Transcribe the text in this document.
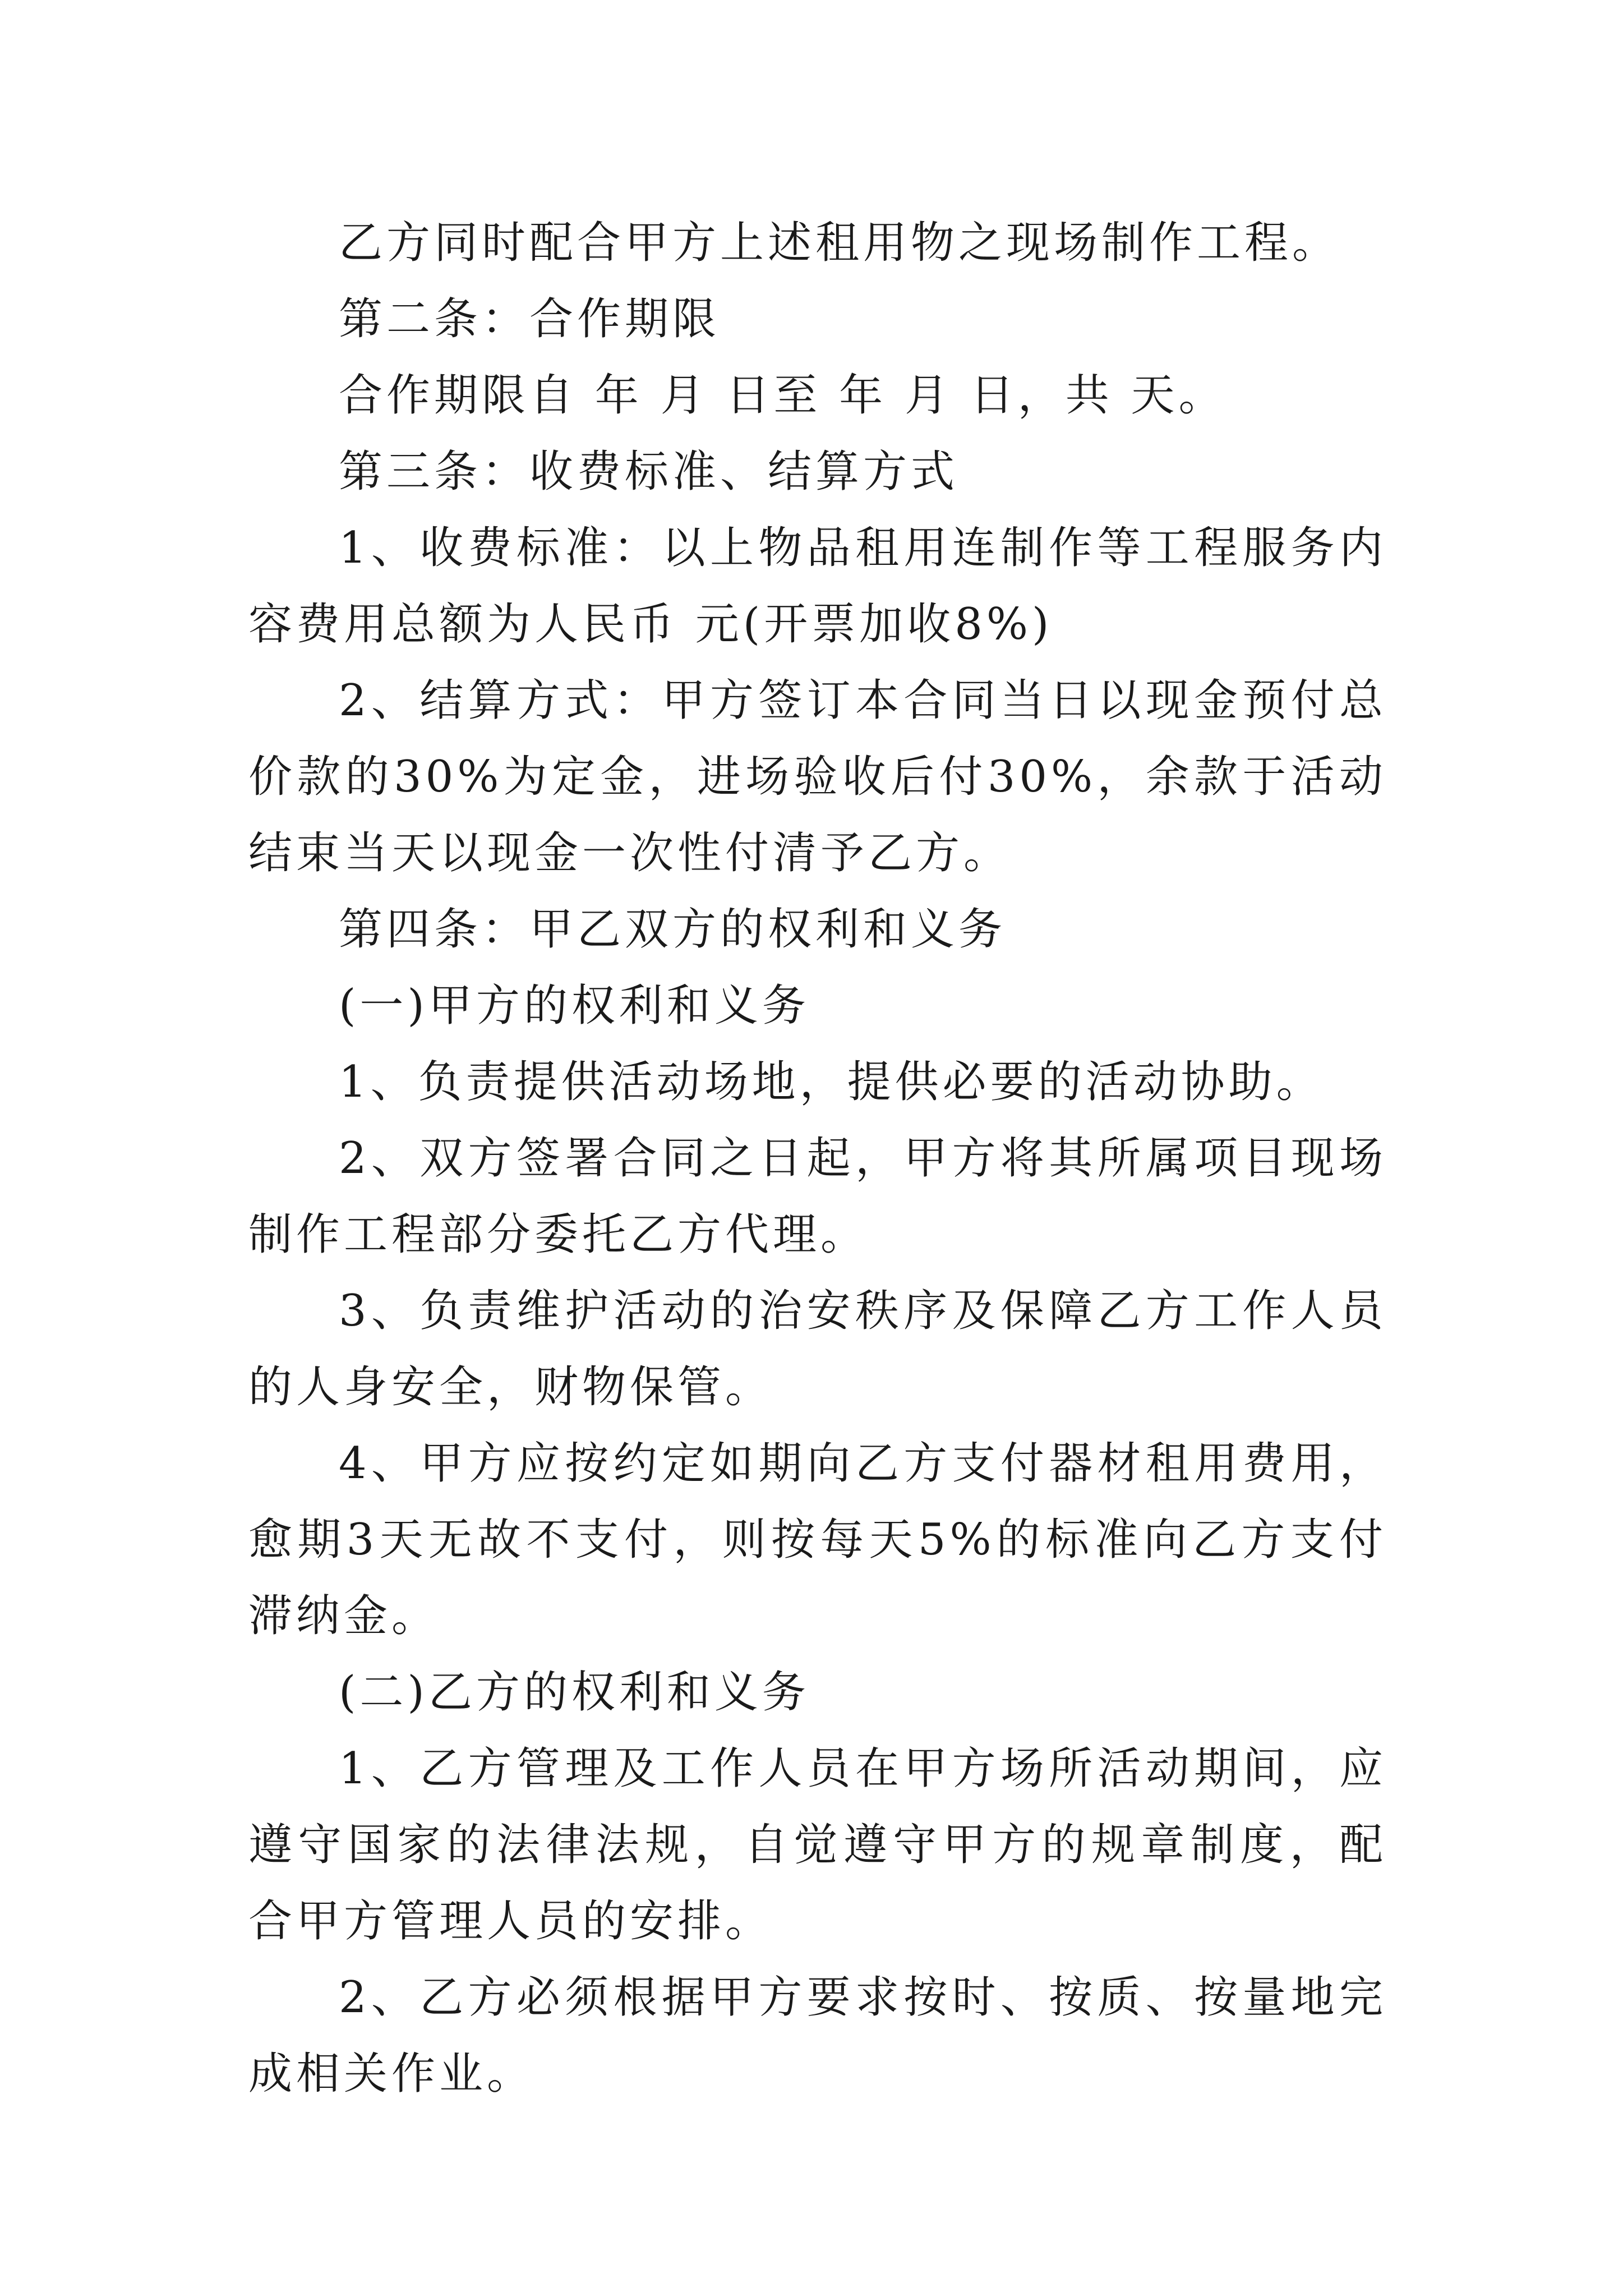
乙方同时配合甲方上述租用物之现场制作工程。

第二条：合作期限

合作期限自 年 月 日至 年 月 日，共 天。

第三条：收费标准、结算方式

1、收费标准：以上物品租用连制作等工程服务内容费用总额为人民币 元(开票加收8%)

2、结算方式：甲方签订本合同当日以现金预付总价款的30%为定金，进场验收后付30%，余款于活动结束当天以现金一次性付清予乙方。

第四条：甲乙双方的权利和义务

(一)甲方的权利和义务

1、负责提供活动场地，提供必要的活动协助。

2、双方签署合同之日起，甲方将其所属项目现场制作工程部分委托乙方代理。

3、负责维护活动的治安秩序及保障乙方工作人员的人身安全，财物保管。

4、甲方应按约定如期向乙方支付器材租用费用，愈期3天无故不支付，则按每天5%的标准向乙方支付滞纳金。

(二)乙方的权利和义务

1、乙方管理及工作人员在甲方场所活动期间，应遵守国家的法律法规，自觉遵守甲方的规章制度，配合甲方管理人员的安排。

2、乙方必须根据甲方要求按时、按质、按量地完成相关作业。
